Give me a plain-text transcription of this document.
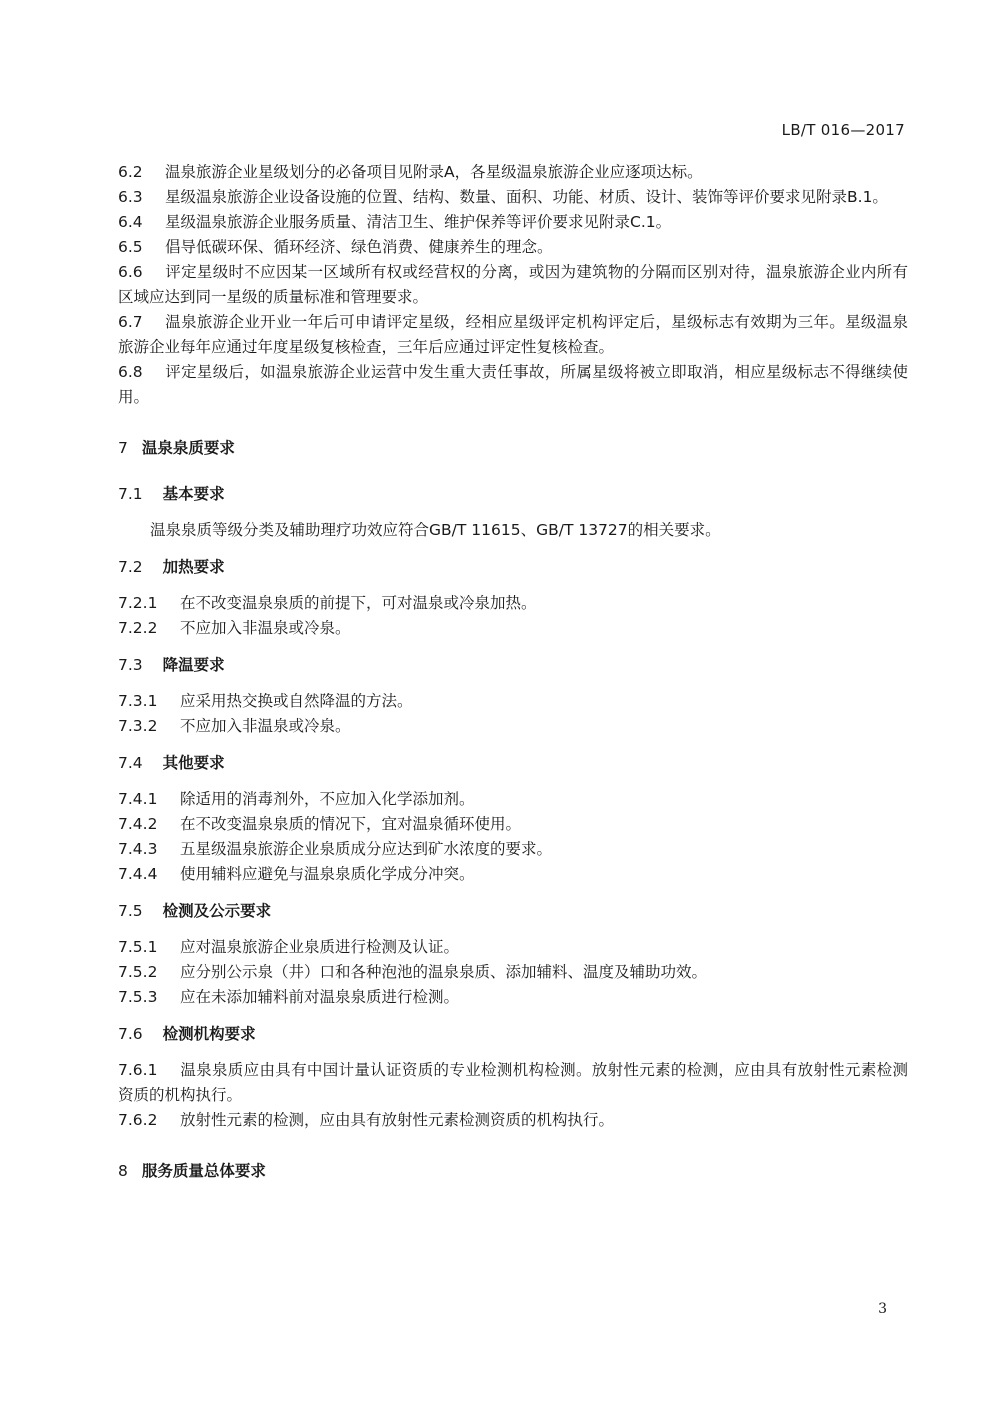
LB/T 016—2017

6.2 温泉旅游企业星级划分的必备项目见附录A，各星级温泉旅游企业应逐项达标。

6.3 星级温泉旅游企业设备设施的位置、结构、数量、面积、功能、材质、设计、装饰等评价要求见附录B.1。

6.4 星级温泉旅游企业服务质量、清洁卫生、维护保养等评价要求见附录C.1。

6.5 倡导低碳环保、循环经济、绿色消费、健康养生的理念。

6.6 评定星级时不应因某一区域所有权或经营权的分离，或因为建筑物的分隔而区别对待，温泉旅游企业内所有区域应达到同一星级的质量标准和管理要求。

6.7 温泉旅游企业开业一年后可申请评定星级，经相应星级评定机构评定后，星级标志有效期为三年。星级温泉旅游企业每年应通过年度星级复核检查，三年后应通过评定性复核检查。

6.8 评定星级后，如温泉旅游企业运营中发生重大责任事故，所属星级将被立即取消，相应星级标志不得继续使用。

7 温泉泉质要求

7.1 基本要求

温泉泉质等级分类及辅助理疗功效应符合GB/T 11615、GB/T 13727的相关要求。

7.2 加热要求

7.2.1 在不改变温泉泉质的前提下，可对温泉或冷泉加热。

7.2.2 不应加入非温泉或冷泉。

7.3 降温要求

7.3.1 应采用热交换或自然降温的方法。

7.3.2 不应加入非温泉或冷泉。

7.4 其他要求

7.4.1 除适用的消毒剂外，不应加入化学添加剂。

7.4.2 在不改变温泉泉质的情况下，宜对温泉循环使用。

7.4.3 五星级温泉旅游企业泉质成分应达到矿水浓度的要求。

7.4.4 使用辅料应避免与温泉泉质化学成分冲突。

7.5 检测及公示要求

7.5.1 应对温泉旅游企业泉质进行检测及认证。

7.5.2 应分别公示泉（井）口和各种泡池的温泉泉质、添加辅料、温度及辅助功效。

7.5.3 应在未添加辅料前对温泉泉质进行检测。

7.6 检测机构要求

7.6.1 温泉泉质应由具有中国计量认证资质的专业检测机构检测。放射性元素的检测，应由具有放射性元素检测资质的机构执行。

7.6.2 放射性元素的检测，应由具有放射性元素检测资质的机构执行。

8 服务质量总体要求

3
